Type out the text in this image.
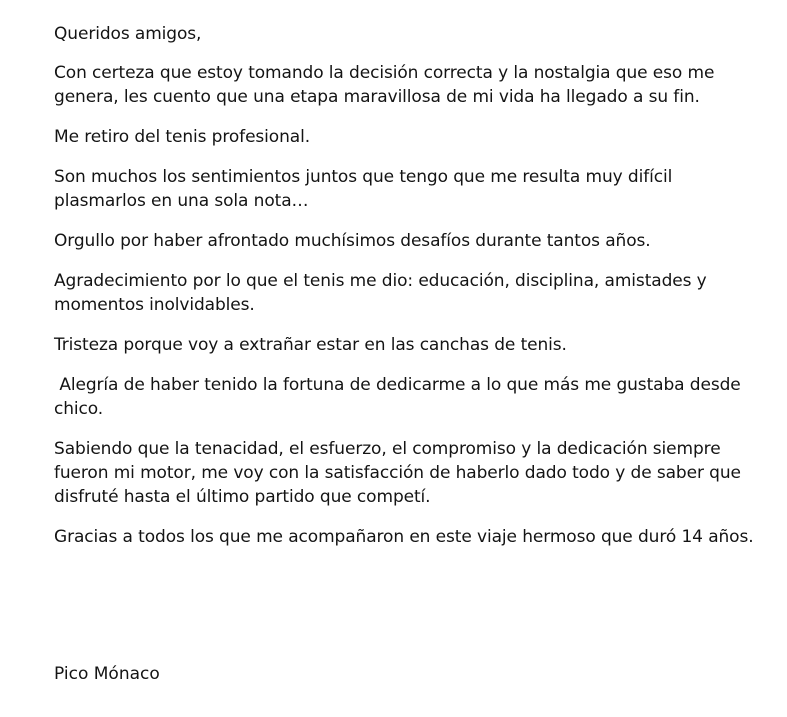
Queridos amigos,

Con certeza que estoy tomando la decisión correcta y la nostalgia que eso me genera, les cuento que una etapa maravillosa de mi vida ha llegado a su fin.

Me retiro del tenis profesional.

Son muchos los sentimientos juntos que tengo que me resulta muy difícil plasmarlos en una sola nota…

Orgullo por haber afrontado muchísimos desafíos durante tantos años.

Agradecimiento por lo que el tenis me dio: educación, disciplina, amistades y momentos inolvidables.

Tristeza porque voy a extrañar estar en las canchas de tenis.

Alegría de haber tenido la fortuna de dedicarme a lo que más me gustaba desde chico.

Sabiendo que la tenacidad, el esfuerzo, el compromiso y la dedicación siempre fueron mi motor, me voy con la satisfacción de haberlo dado todo y de saber que disfruté hasta el último partido que competí.

Gracias a todos los que me acompañaron en este viaje hermoso que duró 14 años.

Pico Mónaco
